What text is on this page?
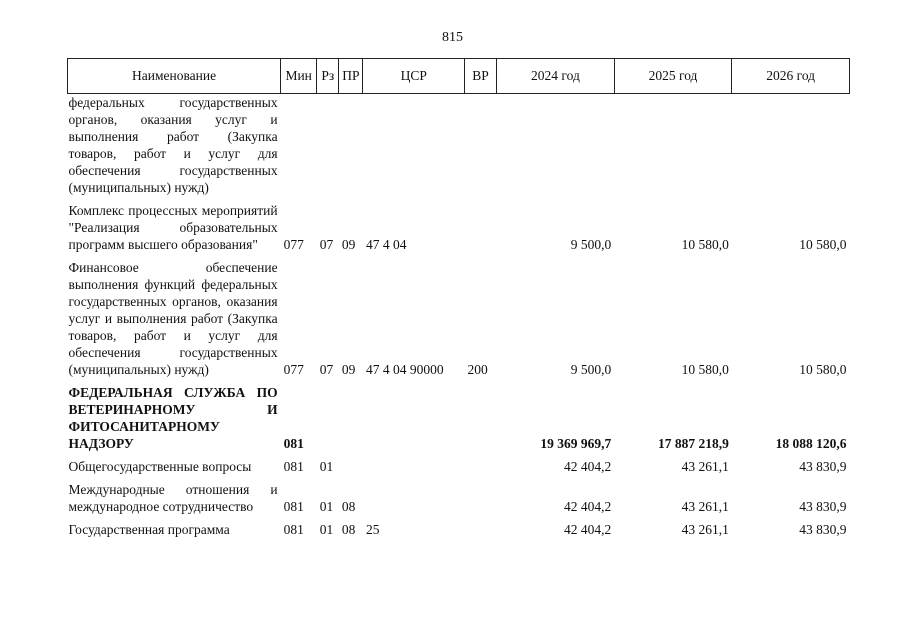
815
Наименование	Мин	Рз	ПР	ЦСР	ВР	2024 год	2025 год	2026 год
федеральных государственных органов, оказания услуг и выполнения работ (Закупка товаров, работ и услуг для обеспечения государственных (муниципальных) нужд)								
Комплекс процессных мероприятий "Реализация образовательных программ высшего образования"	077	07	09	47 4 04		9 500,0	10 580,0	10 580,0
Финансовое обеспечение выполнения функций федеральных государственных органов, оказания услуг и выполнения работ (Закупка товаров, работ и услуг для обеспечения государственных (муниципальных) нужд)	077	07	09	47 4 04 90000	200	9 500,0	10 580,0	10 580,0
ФЕДЕРАЛЬНАЯ СЛУЖБА ПО ВЕТЕРИНАРНОМУ И ФИТОСАНИТАРНОМУ НАДЗОРУ	081					19 369 969,7	17 887 218,9	18 088 120,6
Общегосударственные вопросы	081	01				42 404,2	43 261,1	43 830,9
Международные отношения и международное сотрудничество	081	01	08			42 404,2	43 261,1	43 830,9
Государственная программа	081	01	08	25		42 404,2	43 261,1	43 830,9
